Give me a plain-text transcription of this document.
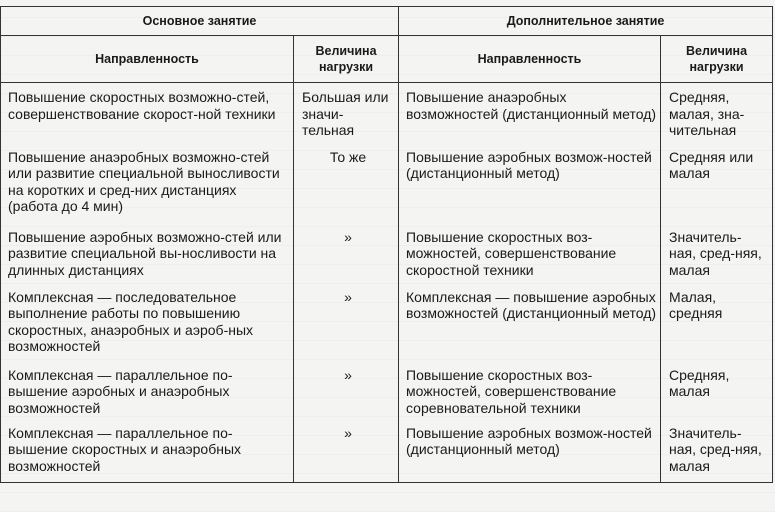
Основное занятие		Дополнительное занятие	
Направленность	Величина нагрузки	Направленность	Величина нагрузки

Повышение скоростных возможно-стей, совершенствование скорост-ной техники	Большая или значи-тельная	Повышение анаэробных возможностей (дистанционный метод)	Средняя, малая, зна-чительная

Повышение анаэробных возможно-стей или развитие специальной выносливости на коротких и сред-них дистанциях (работа до 4 мин)	То же	Повышение аэробных возмож-ностей (дистанционный метод)	Средняя или малая

Повышение аэробных возможно-стей или развитие специальной вы-носливости на длинных дистанциях	»	Повышение скоростных воз-можностей, совершенствование скоростной техники	Значитель-ная, сред-няя, малая

Комплексная — последовательное выполнение работы по повышению скоростных, анаэробных и аэроб-ных возможностей	»	Комплексная — повышение аэробных возможностей (дистанционный метод)	Малая, средняя

Комплексная — параллельное по-вышение аэробных и анаэробных возможностей	»	Повышение скоростных воз-можностей, совершенствование соревновательной техники	Средняя, малая

Комплексная — параллельное по-вышение скоростных и анаэробных возможностей	»	Повышение аэробных возмож-ностей (дистанционный метод)	Значитель-ная, сред-няя, малая
